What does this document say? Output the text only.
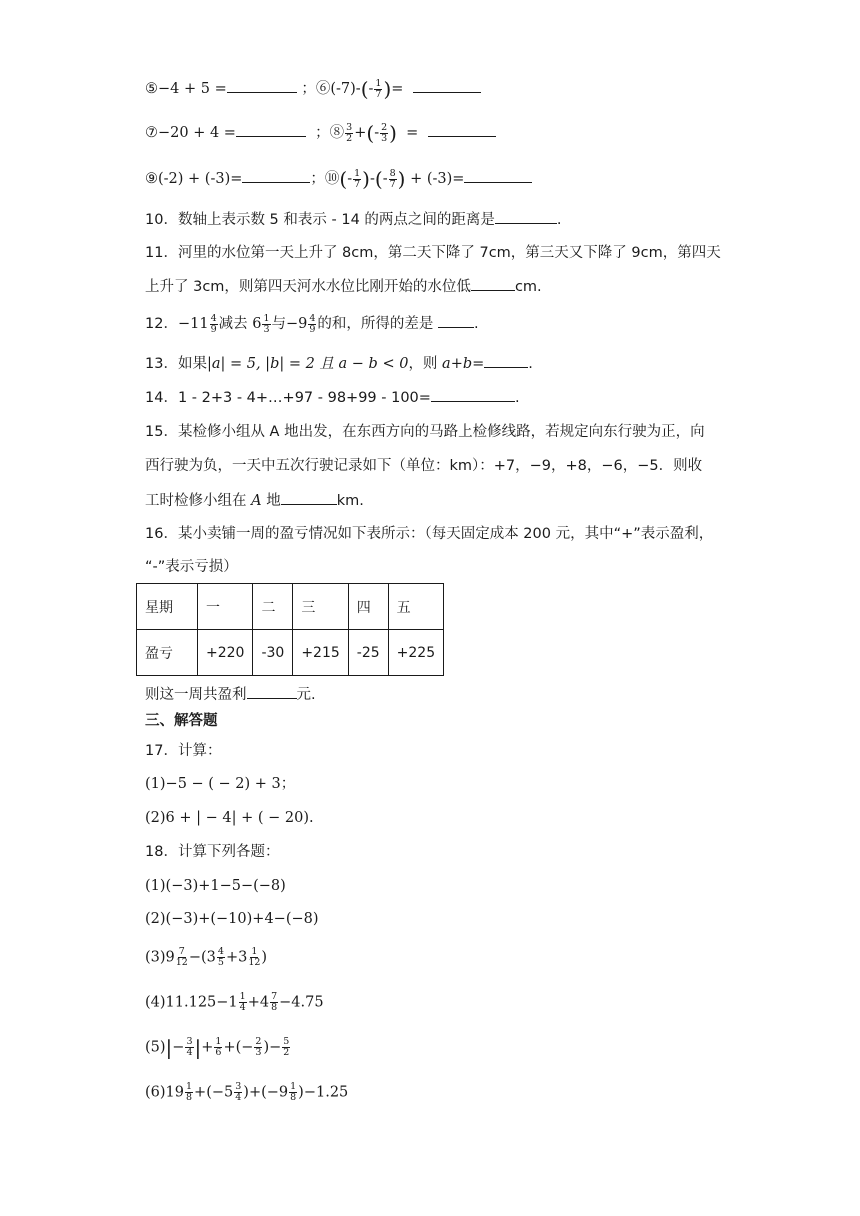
⑤−4 + 5 =	；⑥(-7)-(- $\frac{1}{7}$ )=
⑦−20 + 4 =	；⑧ $\frac{3}{2}$ +(- $\frac{2}{3}$ ) =
⑨(-2) + (-3)=	；⑩(- $\frac{1}{7}$ )-(- $\frac{8}{7}$ ) + (-3)=
10．数轴上表示数 5 和表示 - 14 的两点之间的距离是	.
11．河里的水位第一天上升了 8cm，第二天下降了 7cm，第三天又下降了 9cm，第四天
上升了 3cm，则第四天河水水位比刚开始的水位低	cm.
12．$-11 \frac{4}{9}$ 减去 $6 \frac{1}{3}$ 与$-9 \frac{4}{9}$ 的和，所得的差是 .
13．如果|a| = 5, |b| = 2 且 a − b < 0，则 a+b=	.
14．1 - 2+3 - 4+…+97 - 98+99 - 100=	.
15．某检修小组从 A 地出发，在东西方向的马路上检修线路，若规定向东行驶为正，向
西行驶为负，一天中五次行驶记录如下（单位：km）：+7，−9，+8，−6，−5．则收
工时检修小组在 A 地	km.
16．某小卖铺一周的盈亏情况如下表所示：（每天固定成本 200 元，其中“+”表示盈利，
“-”表示亏损）
星期	一	二	三	四	五
盈亏	+220	-30	+215	-25	+225
则这一周共盈利	元.
三、解答题
17．计算：
(1)−5 − ( − 2) + 3；
(2)6 + | − 4| + ( − 20).
18．计算下列各题：
(1)(−3)+1−5−(−8)
(2)(−3)+(−10)+4−(−8)
$(3)9 \frac{7}{12} -(3 \frac{4}{5} +3 \frac{1}{12}$ )
$(4)11.125-1 \frac{1}{4} +4 \frac{7}{8} -4.75$
$(5)|- \frac{3}{4}$ |+ $\frac{1}{6}$ +(− $\frac{2}{3}$ )− $\frac{5}{2}$
$(6)19 \frac{1}{8} +(-5 \frac{3}{4} )+(-9 \frac{1}{8} )-1.25$
